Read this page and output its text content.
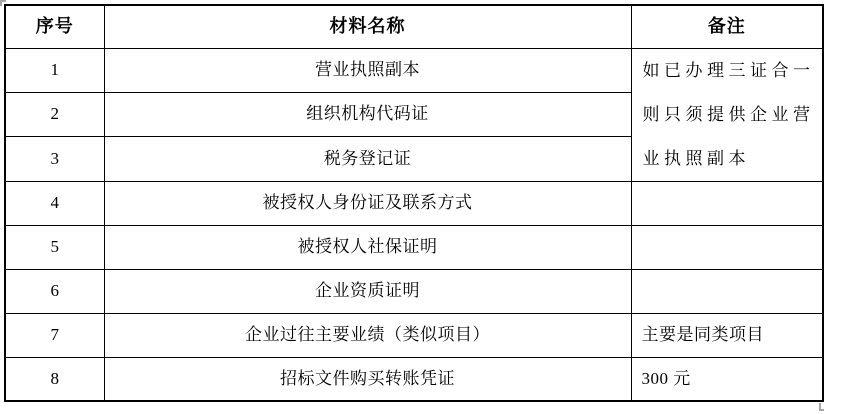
序号	材料名称	备注
1	营业执照副本	如已办理三证合一
则只须提供企业营
业执照副本

2	组织机构代码证	
3	税务登记证	
4	被授权人身份证及联系方式	
5	被授权人社保证明	
6	企业资质证明	
7	企业过往主要业绩（类似项目）	主要是同类项目
8	招标文件购买转账凭证	300 元
